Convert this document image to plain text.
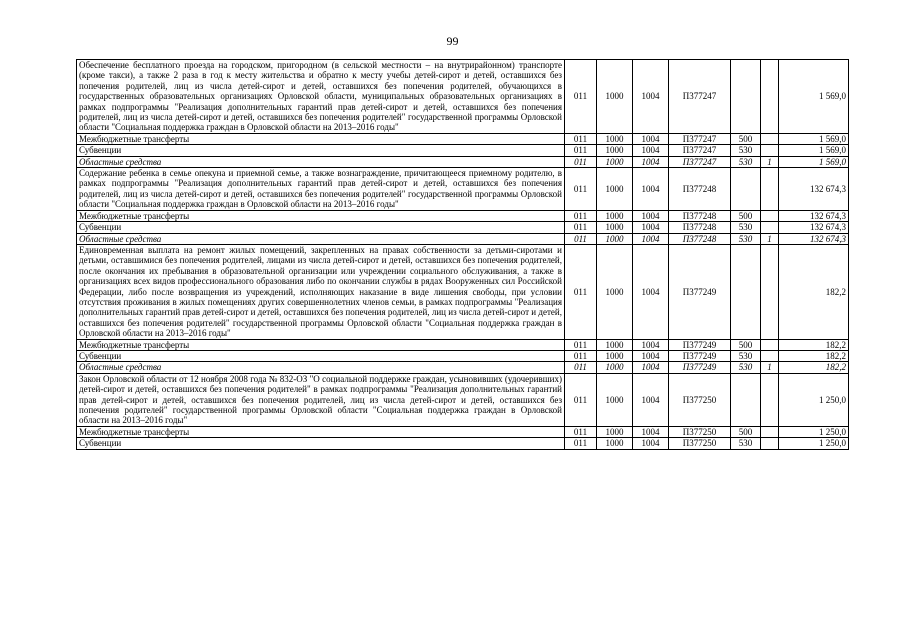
99
Обеспечение бесплатного проезда на городском, пригородном (в сельской местности – на внутрирайонном) транспорте (кроме такси), а также 2 раза в год к месту жительства и обратно к месту учебы детей-сирот и детей, оставшихся без попечения родителей, лиц из числа детей-сирот и детей, оставшихся без попечения родителей, обучающихся в государственных образовательных организациях Орловской области, муниципальных образовательных организациях в рамках подпрограммы "Реализация дополнительных гарантий прав детей-сирот и детей, оставшихся без попечения родителей, лиц из числа детей-сирот и детей, оставшихся без попечения родителей" государственной программы Орловской области "Социальная поддержка граждан в Орловской области на 2013–2016 годы"	011	1000	1004	П377247			1 569,0
Межбюджетные трансферты	011	1000	1004	П377247	500		1 569,0
Субвенции	011	1000	1004	П377247	530		1 569,0
Областные средства	011	1000	1004	П377247	530	1	1 569,0
Содержание ребенка в семье опекуна и приемной семье, а также вознаграждение, причитающееся приемному родителю, в рамках подпрограммы "Реализация дополнительных гарантий прав детей-сирот и детей, оставшихся без попечения родителей, лиц из числа детей-сирот и детей, оставшихся без попечения родителей" государственной программы Орловской области "Социальная поддержка граждан в Орловской области на 2013–2016 годы"	011	1000	1004	П377248			132 674,3
Межбюджетные трансферты	011	1000	1004	П377248	500		132 674,3
Субвенции	011	1000	1004	П377248	530		132 674,3
Областные средства	011	1000	1004	П377248	530	1	132 674,3
Единовременная выплата на ремонт жилых помещений, закрепленных на правах собственности за детьми-сиротами и детьми, оставшимися без попечения родителей, лицами из числа детей-сирот и детей, оставшихся без попечения родителей, после окончания их пребывания в образовательной организации или учреждении социального обслуживания, а также в организациях всех видов профессионального образования либо по окончании службы в рядах Вооруженных сил Российской Федерации, либо после возвращения из учреждений, исполняющих наказание в виде лишения свободы, при условии отсутствия проживания в жилых помещениях других совершеннолетних членов семьи, в рамках подпрограммы "Реализация дополнительных гарантий прав детей-сирот и детей, оставшихся без попечения родителей, лиц из числа детей-сирот и детей, оставшихся без попечения родителей" государственной программы Орловской области "Социальная поддержка граждан в Орловской области на 2013–2016 годы"	011	1000	1004	П377249			182,2
Межбюджетные трансферты	011	1000	1004	П377249	500		182,2
Субвенции	011	1000	1004	П377249	530		182,2
Областные средства	011	1000	1004	П377249	530	1	182,2
Закон Орловской области от 12 ноября 2008 года № 832-ОЗ "О социальной поддержке граждан, усыновивших (удочеривших) детей-сирот и детей, оставшихся без попечения родителей" в рамках подпрограммы "Реализация дополнительных гарантий прав детей-сирот и детей, оставшихся без попечения родителей, лиц из числа детей-сирот и детей, оставшихся без попечения родителей" государственной программы Орловской области "Социальная поддержка граждан в Орловской области на 2013–2016 годы"	011	1000	1004	П377250			1 250,0
Межбюджетные трансферты	011	1000	1004	П377250	500		1 250,0
Субвенции	011	1000	1004	П377250	530		1 250,0
